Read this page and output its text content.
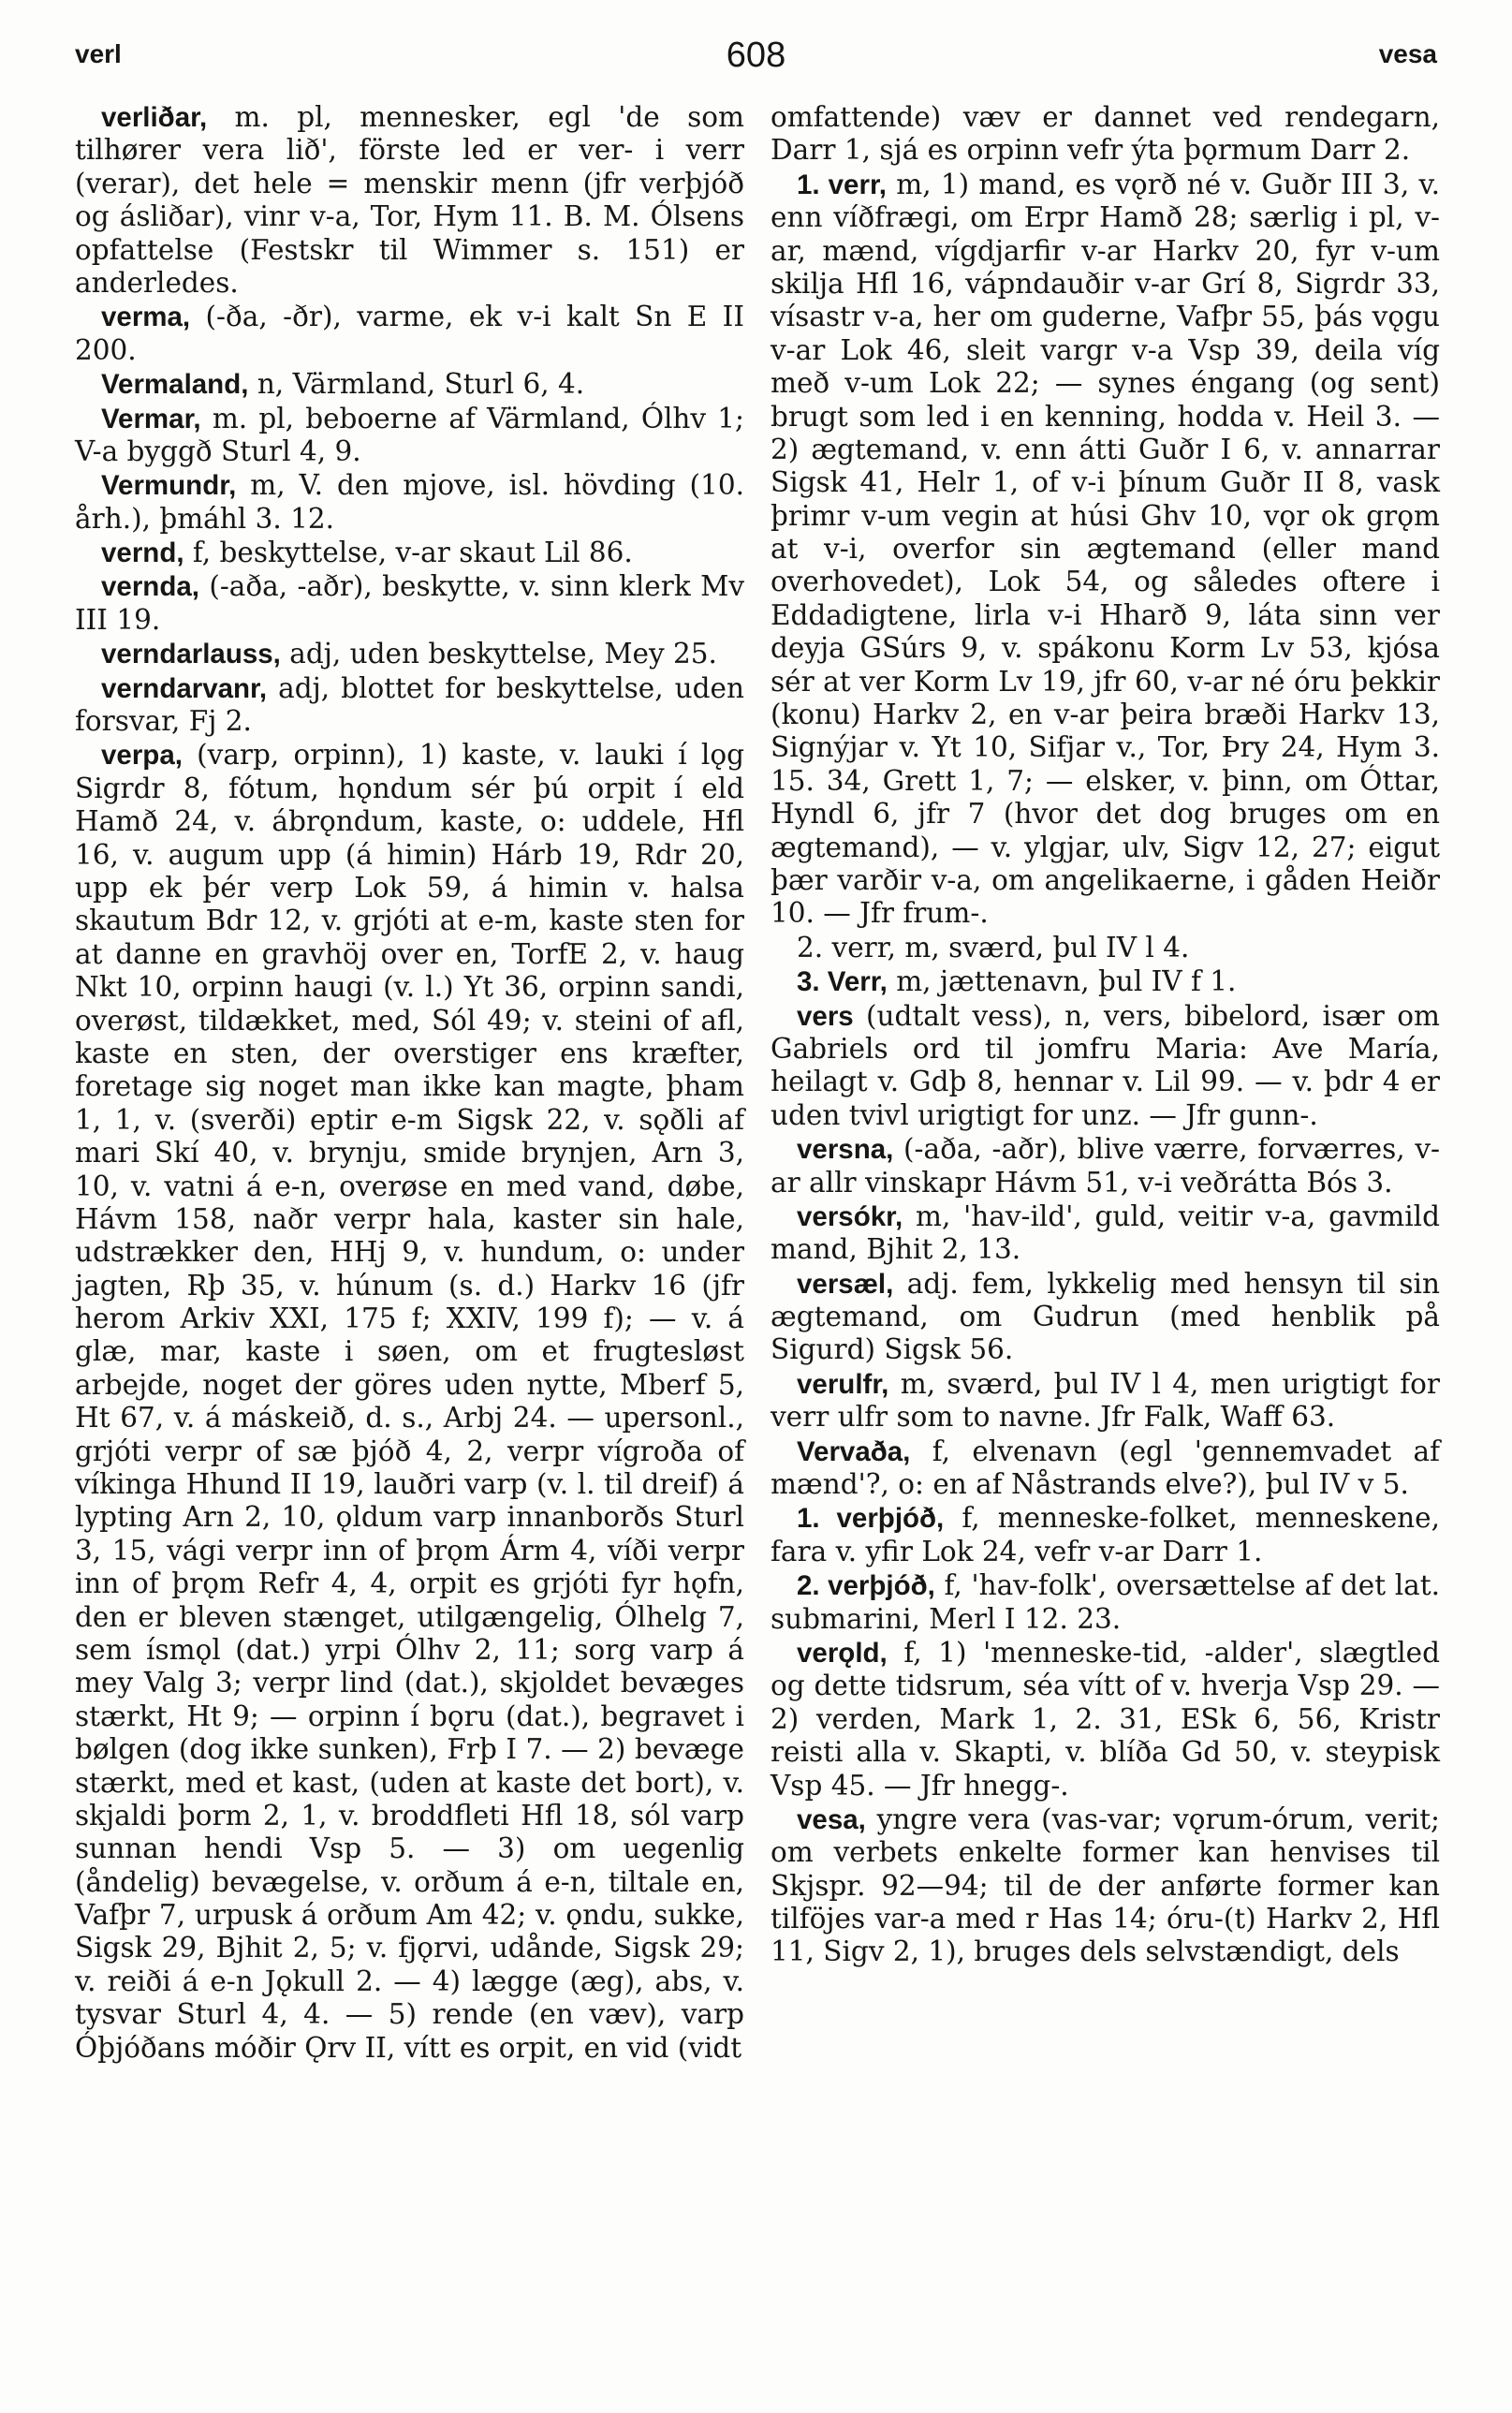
verl	608	vesa

verliðar, m. pl, mennesker, egl 'de som tilhører vera lið', förste led er ver- i verr (verar), det hele = menskir menn (jfr verþjóð og ásliðar), vinr v-a, Tor, Hym 11. B. M. Ólsens opfattelse (Festskr til Wimmer s. 151) er anderledes.

verma, (-ða, -ðr), varme, ek v-i kalt Sn E II 200.

Vermaland, n, Värmland, Sturl 6, 4.

Vermar, m. pl, beboerne af Värmland, Ólhv 1; V-a byggð Sturl 4, 9.

Vermundr, m, V. den mjove, isl. hövding (10. årh.), þmáhl 3. 12.

vernd, f, beskyttelse, v-ar skaut Lil 86.

vernda, (-aða, -aðr), beskytte, v. sinn klerk Mv III 19.

verndarlauss, adj, uden beskyttelse, Mey 25.

verndarvanr, adj, blottet for beskyttelse, uden forsvar, Fj 2.

verpa, (varp, orpinn), 1) kaste, v. lauki í lǫg Sigrdr 8, fótum, hǫndum sér þú orpit í eld Hamð 24, v. ábrǫndum, kaste, o: uddele, Hfl 16, v. augum upp (á himin) Hárb 19, Rdr 20, upp ek þér verp Lok 59, á himin v. halsa skautum Bdr 12, v. grjóti at e-m, kaste sten for at danne en gravhöj over en, TorfE 2, v. haug Nkt 10, orpinn haugi (v. l.) Yt 36, orpinn sandi, overøst, tildækket, med, Sól 49; v. steini of afl, kaste en sten, der overstiger ens kræfter, foretage sig noget man ikke kan magte, þham 1, 1, v. (sverði) eptir e-m Sigsk 22, v. sǫðli af mari Skí 40, v. brynju, smide brynjen, Arn 3, 10, v. vatni á e-n, overøse en med vand, døbe, Hávm 158, naðr verpr hala, kaster sin hale, udstrækker den, HHj 9, v. hundum, o: under jagten, Rþ 35, v. húnum (s. d.) Harkv 16 (jfr herom Arkiv XXI, 175 f; XXIV, 199 f); — v. á glæ, mar, kaste i søen, om et frugtesløst arbejde, noget der göres uden nytte, Mberf 5, Ht 67, v. á máskeið, d. s., Arbj 24. — upersonl., grjóti verpr of sæ þjóð 4, 2, verpr vígroða of víkinga Hhund II 19, lauðri varp (v. l. til dreif) á lypting Arn 2, 10, ǫldum varp innanborðs Sturl 3, 15, vági verpr inn of þrǫm Árm 4, víði verpr inn of þrǫm Refr 4, 4, orpit es grjóti fyr hǫfn, den er bleven stænget, utilgængelig, Ólhelg 7, sem ísmǫl (dat.) yrpi Ólhv 2, 11; sorg varp á mey Valg 3; verpr lind (dat.), skjoldet bevæges stærkt, Ht 9; — orpinn í bǫru (dat.), begravet i bølgen (dog ikke sunken), Frþ I 7. — 2) bevæge stærkt, med et kast, (uden at kaste det bort), v. skjaldi þorm 2, 1, v. broddfleti Hfl 18, sól varp sunnan hendi Vsp 5. — 3) om uegenlig (åndelig) bevægelse, v. orðum á e-n, tiltale en, Vafþr 7, urpusk á orðum Am 42; v. ǫndu, sukke, Sigsk 29, Bjhit 2, 5; v. fjǫrvi, udånde, Sigsk 29; v. reiði á e-n Jǫkull 2. — 4) lægge (æg), abs, v. tysvar Sturl 4, 4. — 5) rende (en væv), varp Óþjóðans móðir Ǫrv II, vítt es orpit, en vid (vidt

omfattende) væv er dannet ved rendegarn, Darr 1, sjá es orpinn vefr ýta þǫrmum Darr 2.

1. verr, m, 1) mand, es vǫrð né v. Guðr III 3, v. enn víðfrægi, om Erpr Hamð 28; særlig i pl, v-ar, mænd, vígdjarfir v-ar Harkv 20, fyr v-um skilja Hfl 16, vápndauðir v-ar Grí 8, Sigrdr 33, vísastr v-a, her om guderne, Vafþr 55, þás vǫgu v-ar Lok 46, sleit vargr v-a Vsp 39, deila víg með v-um Lok 22; — synes éngang (og sent) brugt som led i en kenning, hodda v. Heil 3. — 2) ægtemand, v. enn átti Guðr I 6, v. annarrar Sigsk 41, Helr 1, of v-i þínum Guðr II 8, vask þrimr v-um vegin at húsi Ghv 10, vǫr ok grǫm at v-i, overfor sin ægtemand (eller mand overhovedet), Lok 54, og således oftere i Eddadigtene, lirla v-i Hharð 9, láta sinn ver deyja GSúrs 9, v. spákonu Korm Lv 53, kjósa sér at ver Korm Lv 19, jfr 60, v-ar né óru þekkir (konu) Harkv 2, en v-ar þeira bræði Harkv 13, Signýjar v. Yt 10, Sifjar v., Tor, Þry 24, Hym 3. 15. 34, Grett 1, 7; — elsker, v. þinn, om Óttar, Hyndl 6, jfr 7 (hvor det dog bruges om en ægtemand), — v. ylgjar, ulv, Sigv 12, 27; eigut þær varðir v-a, om angelikaerne, i gåden Heiðr 10. — Jfr frum-.

2. verr, m, sværd, þul IV l 4.

3. Verr, m, jættenavn, þul IV f 1.

vers (udtalt vess), n, vers, bibelord, især om Gabriels ord til jomfru Maria: Ave María, heilagt v. Gdþ 8, hennar v. Lil 99. — v. þdr 4 er uden tvivl urigtigt for unz. — Jfr gunn-.

versna, (-aða, -aðr), blive værre, forværres, v-ar allr vinskapr Hávm 51, v-i veðrátta Bós 3.

versókr, m, 'hav-ild', guld, veitir v-a, gavmild mand, Bjhit 2, 13.

versæl, adj. fem, lykkelig med hensyn til sin ægtemand, om Gudrun (med henblik på Sigurd) Sigsk 56.

verulfr, m, sværd, þul IV l 4, men urigtigt for verr ulfr som to navne. Jfr Falk, Waff 63.

Vervaða, f, elvenavn (egl 'gennemvadet af mænd'?, o: en af Nåstrands elve?), þul IV v 5.

1. verþjóð, f, menneske-folket, menneskene, fara v. yfir Lok 24, vefr v-ar Darr 1.

2. verþjóð, f, 'hav-folk', oversættelse af det lat. submarini, Merl I 12. 23.

verǫld, f, 1) 'menneske-tid, -alder', slægtled og dette tidsrum, séa vítt of v. hverja Vsp 29. — 2) verden, Mark 1, 2. 31, ESk 6, 56, Kristr reisti alla v. Skapti, v. blíða Gd 50, v. steypisk Vsp 45. — Jfr hnegg-.

vesa, yngre vera (vas-var; vǫrum-órum, verit; om verbets enkelte former kan henvises til Skjspr. 92—94; til de der anførte former kan tilföjes var-a med r Has 14; óru-(t) Harkv 2, Hfl 11, Sigv 2, 1), bruges dels selvstændigt, dels
